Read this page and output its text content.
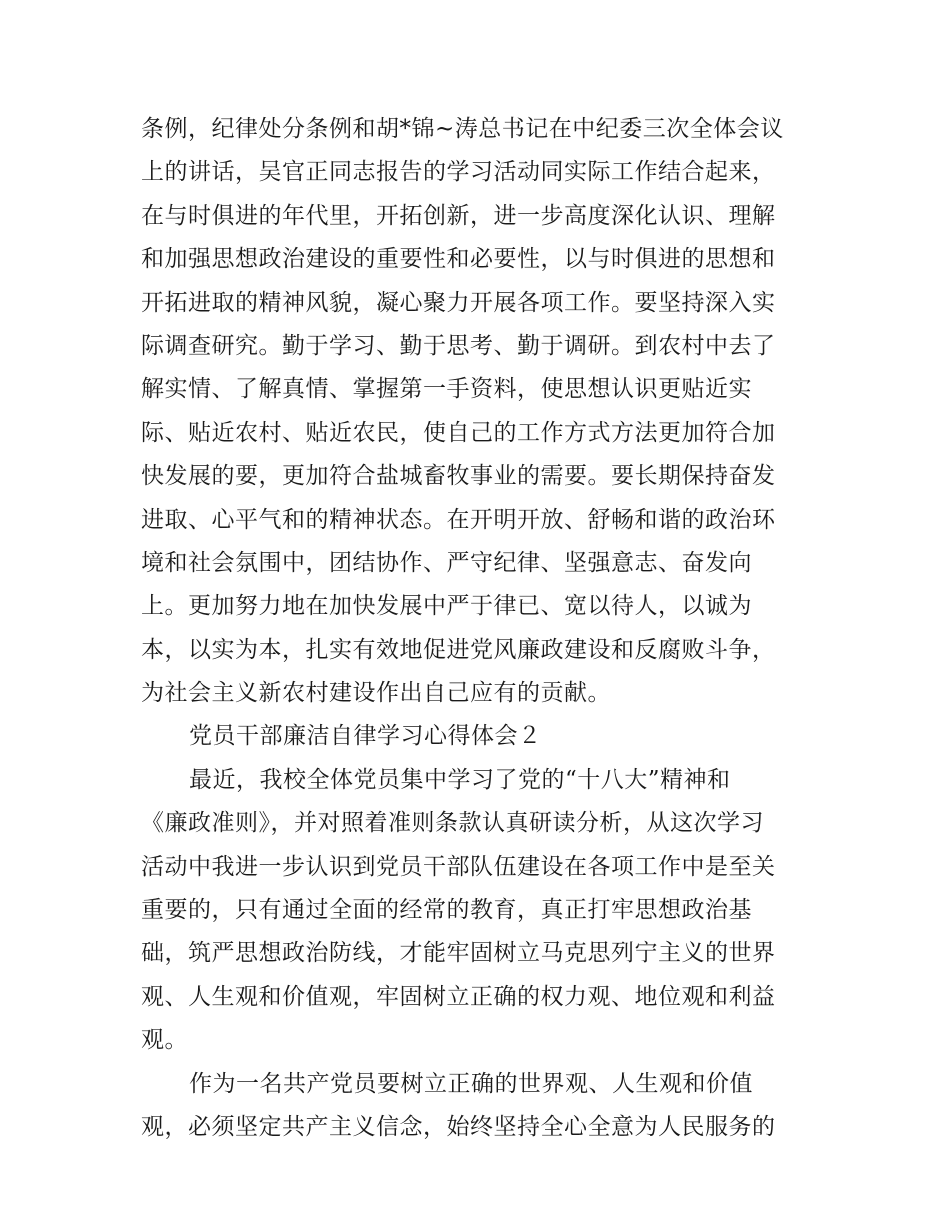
条例，纪律处分条例和胡*锦~涛总书记在中纪委三次全体会议
上的讲话，吴官正同志报告的学习活动同实际工作结合起来，
在与时俱进的年代里，开拓创新，进一步高度深化认识、理解
和加强思想政治建设的重要性和必要性，以与时俱进的思想和
开拓进取的精神风貌，凝心聚力开展各项工作。要坚持深入实
际调查研究。勤于学习、勤于思考、勤于调研。到农村中去了
解实情、了解真情、掌握第一手资料，使思想认识更贴近实
际、贴近农村、贴近农民，使自己的工作方式方法更加符合加
快发展的要，更加符合盐城畜牧事业的需要。要长期保持奋发
进取、心平气和的精神状态。在开明开放、舒畅和谐的政治环
境和社会氛围中，团结协作、严守纪律、坚强意志、奋发向
上。更加努力地在加快发展中严于律已、宽以待人，以诚为
本，以实为本，扎实有效地促进党风廉政建设和反腐败斗争，
为社会主义新农村建设作出自己应有的贡献。
党员干部廉洁自律学习心得体会２
最近，我校全体党员集中学习了党的“十八大”精神和
《廉政准则》，并对照着准则条款认真研读分析，从这次学习
活动中我进一步认识到党员干部队伍建设在各项工作中是至关
重要的，只有通过全面的经常的教育，真正打牢思想政治基
础，筑严思想政治防线，才能牢固树立马克思列宁主义的世界
观、人生观和价值观，牢固树立正确的权力观、地位观和利益
观。
作为一名共产党员要树立正确的世界观、人生观和价值
观，必须坚定共产主义信念，始终坚持全心全意为人民服务的
